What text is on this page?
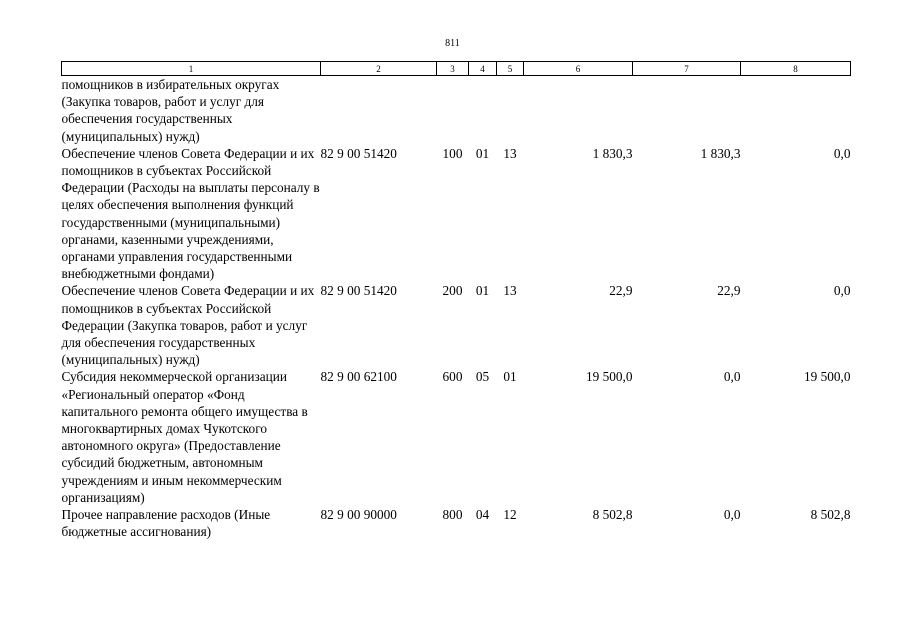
811
1	2	3	4	5	6	7	8
помощников в избирательных округах (Закупка товаров, работ и услуг для обеспечения государственных (муниципальных) нужд)							
Обеспечение членов Совета Федерации и их помощников в субъектах Российской Федерации (Расходы на выплаты персоналу в целях обеспечения выполнения функций государственными (муниципальными) органами, казенными учреждениями, органами управления государственными внебюджетными фондами)	82 9 00 51420	100	01	13	1 830,3	1 830,3	0,0
Обеспечение членов Совета Федерации и их помощников в субъектах Российской Федерации (Закупка товаров, работ и услуг для обеспечения государственных (муниципальных) нужд)	82 9 00 51420	200	01	13	22,9	22,9	0,0
Субсидия некоммерческой организации «Региональный оператор «Фонд капитального ремонта общего имущества в многоквартирных домах Чукотского автономного округа» (Предоставление субсидий бюджетным, автономным учреждениям и иным некоммерческим организациям)	82 9 00 62100	600	05	01	19 500,0	0,0	19 500,0
Прочее направление расходов (Иные бюджетные ассигнования)	82 9 00 90000	800	04	12	8 502,8	0,0	8 502,8
